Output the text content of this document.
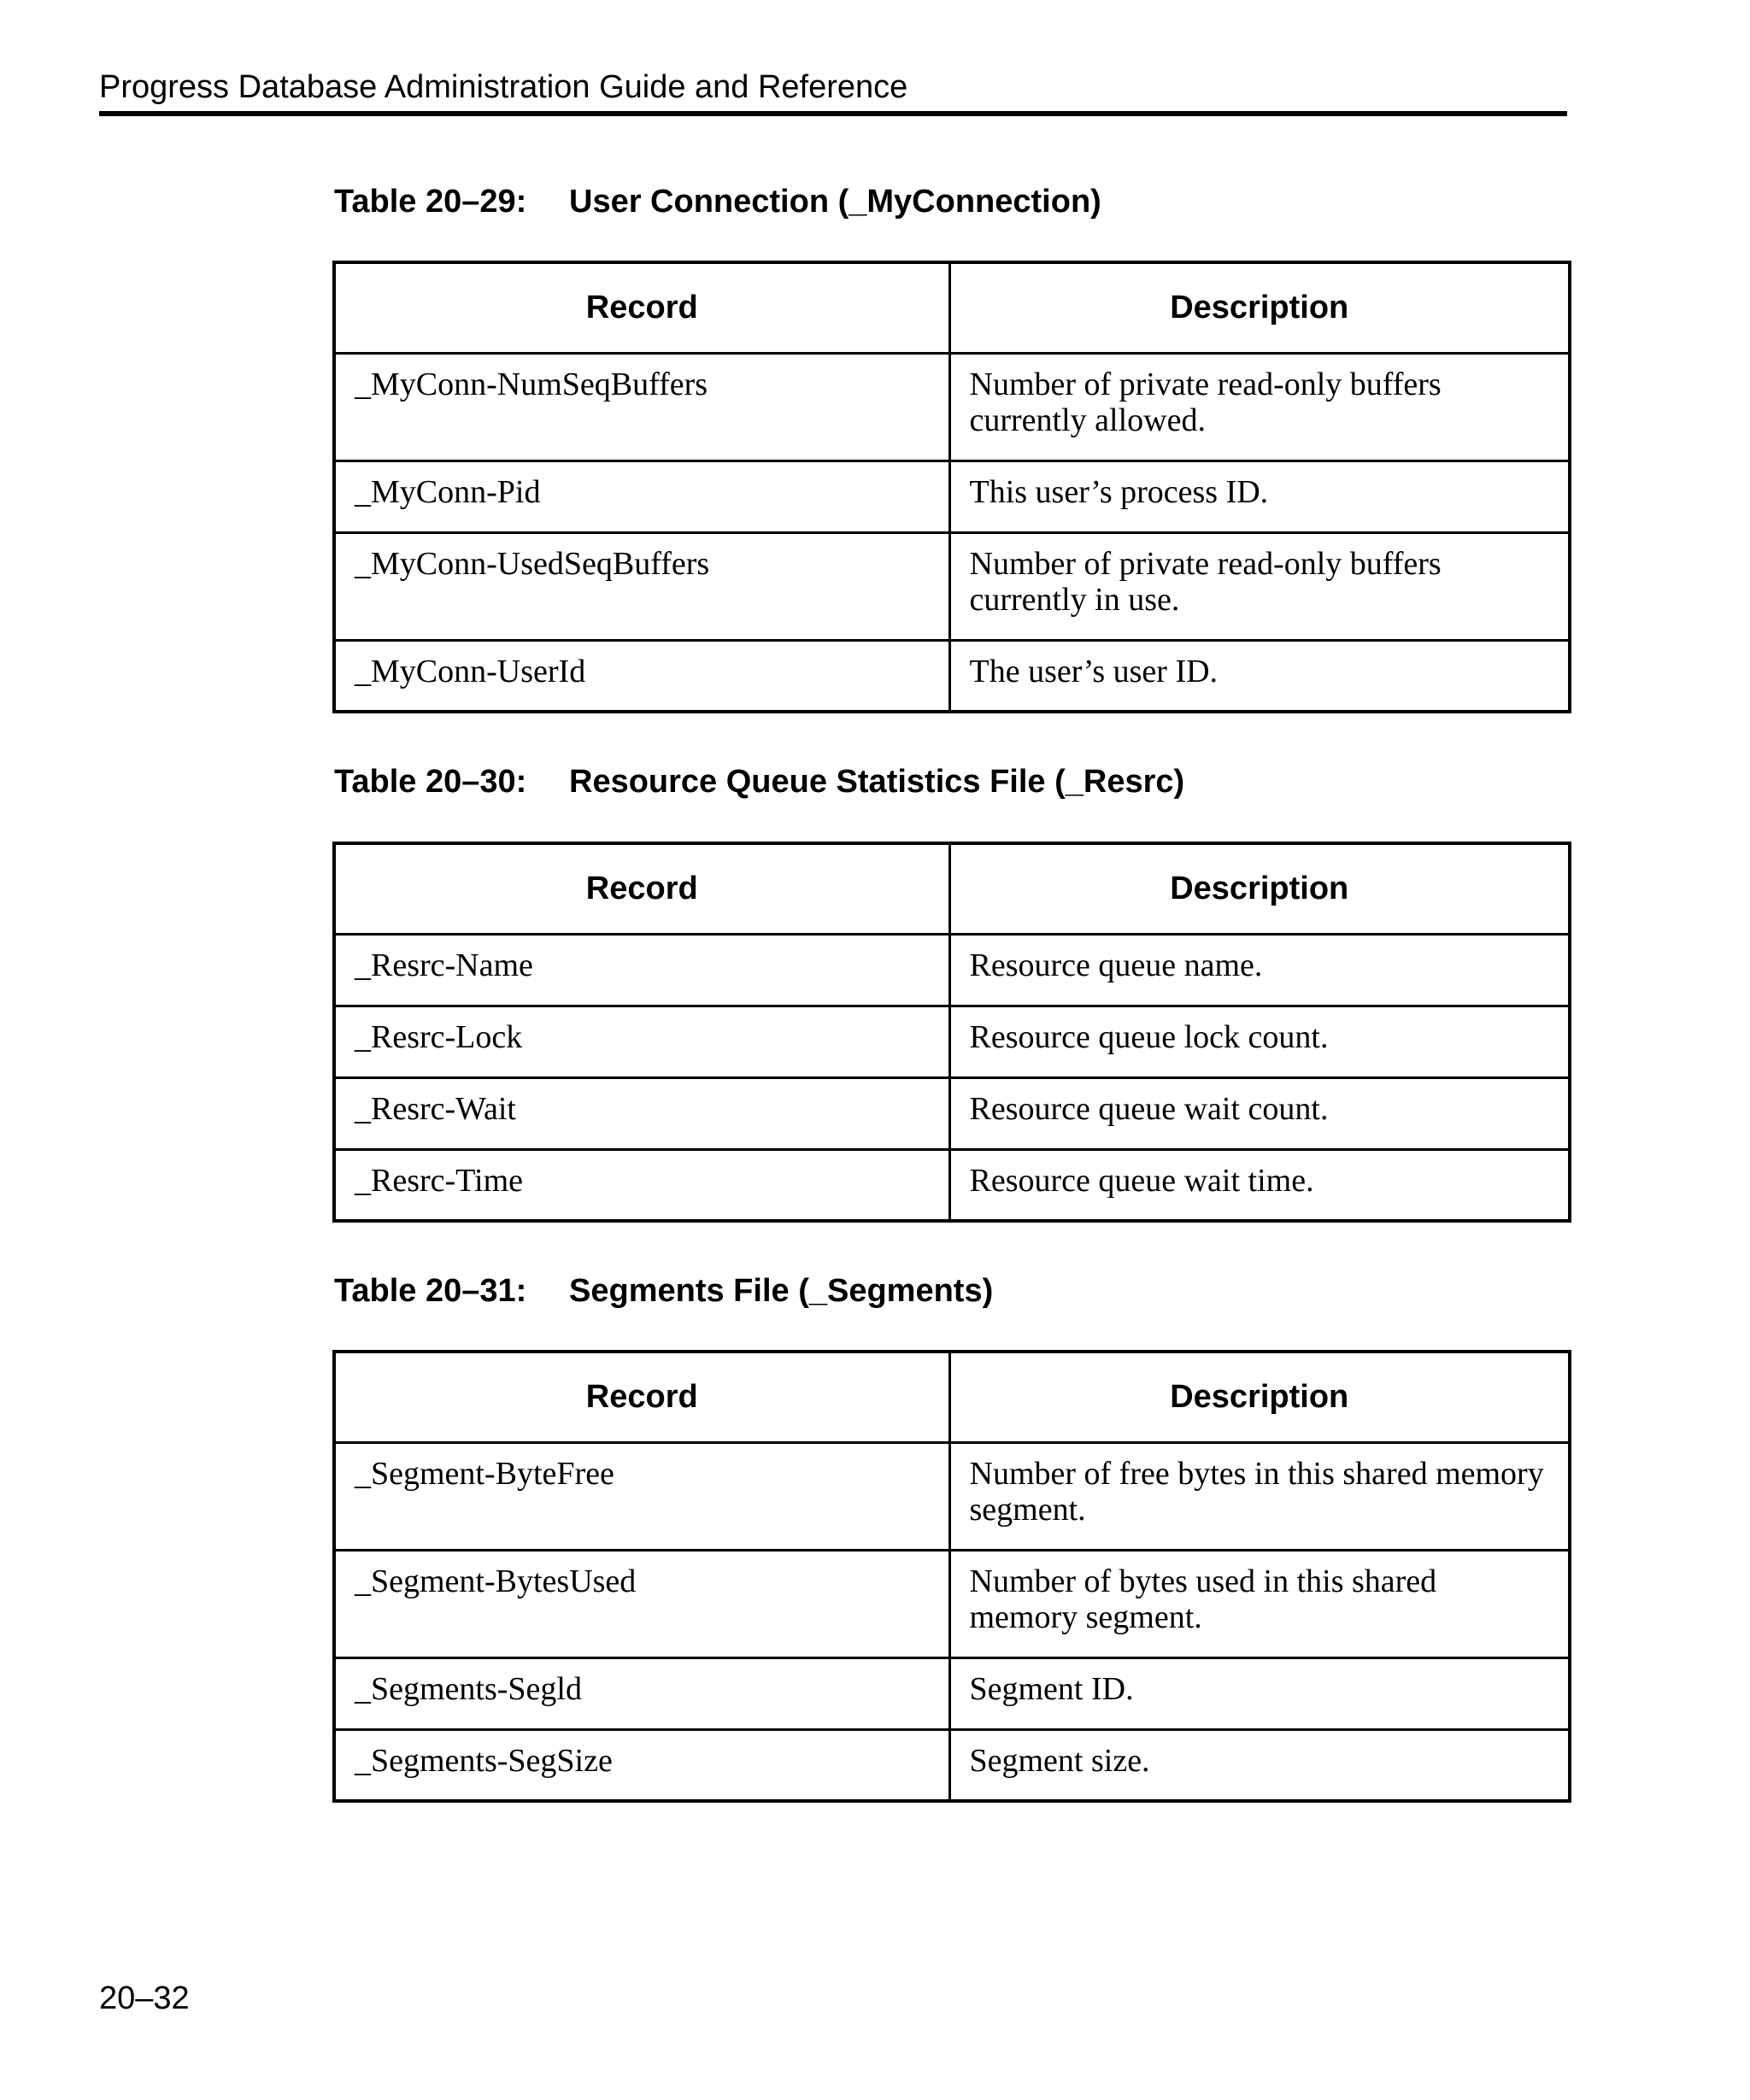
Progress Database Administration Guide and Reference
Table 20–29: User Connection (_MyConnection)
Record	Description
_MyConn-NumSeqBuffers	Number of private read-only buffers currently allowed.
_MyConn-Pid	This user’s process ID.
_MyConn-UsedSeqBuffers	Number of private read-only buffers currently in use.
_MyConn-UserId	The user’s user ID.
Table 20–30: Resource Queue Statistics File (_Resrc)
Record	Description
_Resrc-Name	Resource queue name.
_Resrc-Lock	Resource queue lock count.
_Resrc-Wait	Resource queue wait count.
_Resrc-Time	Resource queue wait time.
Table 20–31: Segments File (_Segments)
Record	Description
_Segment-ByteFree	Number of free bytes in this shared memory segment.
_Segment-BytesUsed	Number of bytes used in this shared memory segment.
_Segments-Segld	Segment ID.
_Segments-SegSize	Segment size.
20–32
